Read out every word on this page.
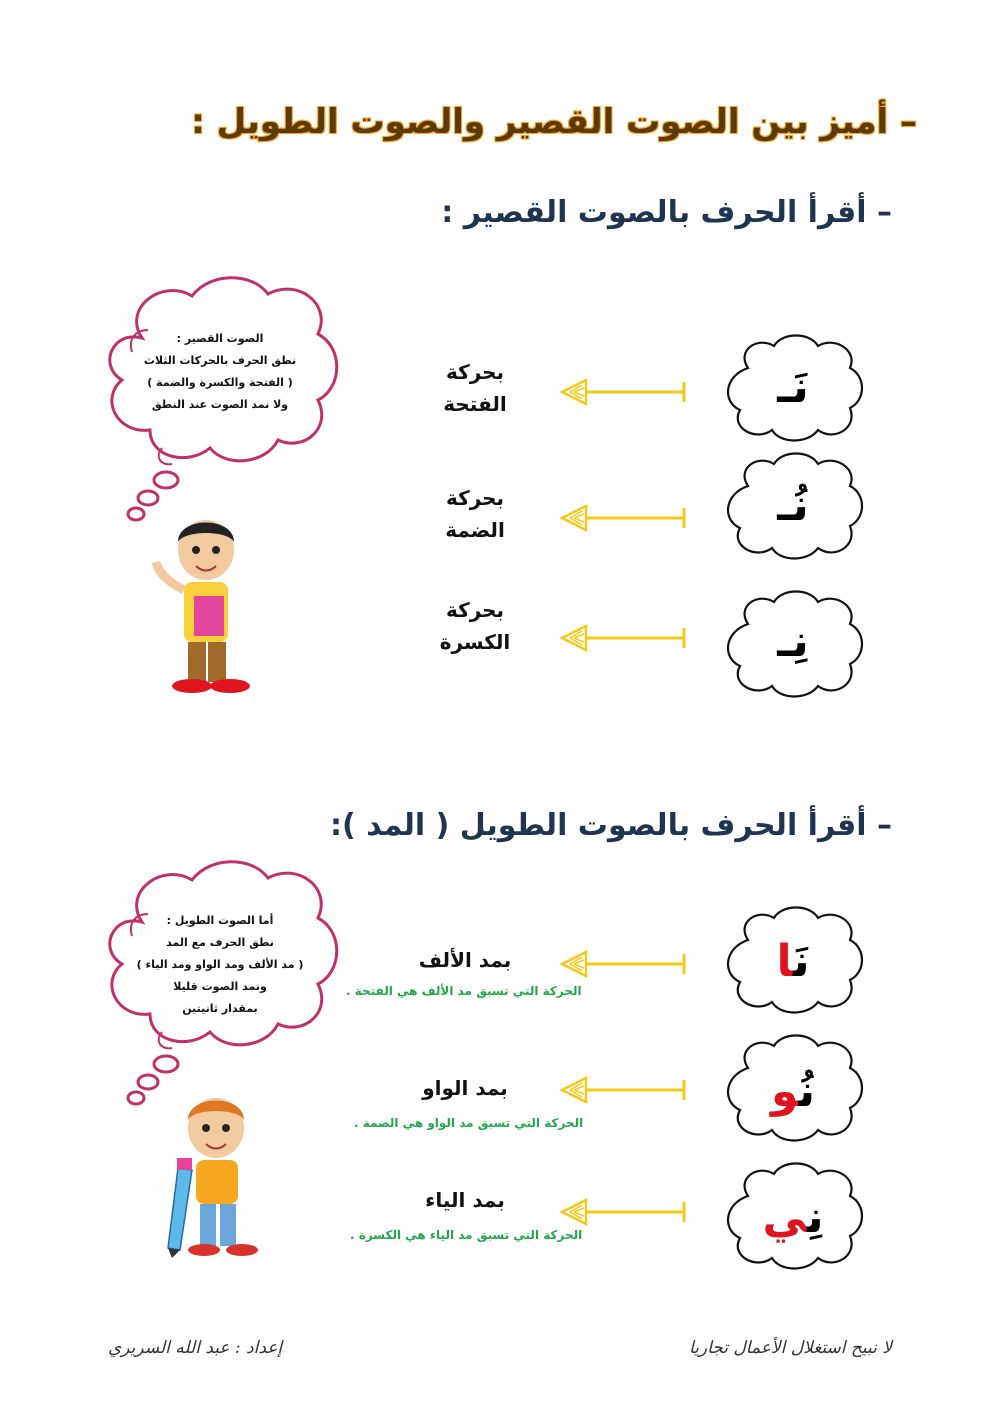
– أميز بين الصوت القصير والصوت الطويل :
– أقرأ الحرف بالصوت القصير :
الصوت القصير :
نطق الحرف بالحركات الثلاث
( الفتحة والكسرة والضمة )
ولا نمد الصوت عند النطق	نَـ
بحركة
الفتحة
نُـ
بحركة
الضمة
نِـ
بحركة
الكسرة
– أقرأ الحرف بالصوت الطويل ( المد ):
أما الصوت الطويل :
نطق الحرف مع المد
( مد الألف ومد الواو ومد الياء )
ونمد الصوت قليلا
بمقدار ثانيتين
نَا
بمد الألف
الحركة التي تسبق مد الألف هي الفتحة .
نُو
بمد الواو
الحركة التي تسبق مد الواو هي الضمة .
نِي
بمد الياء
الحركة التي تسبق مد الياء هي الكسرة .
لا نبيح استغلال الأعمال تجاريا
إعداد : عبد الله السريري
